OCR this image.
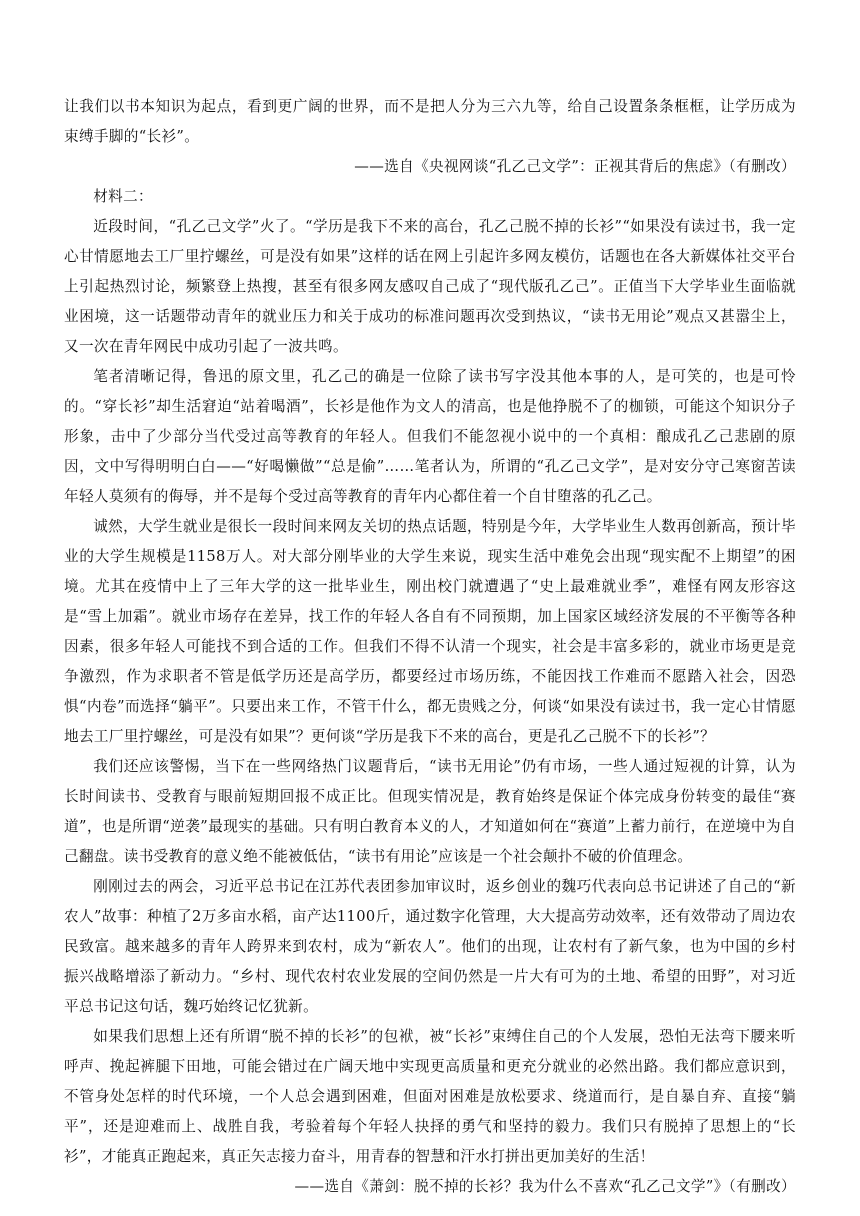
让我们以书本知识为起点，看到更广阔的世界，而不是把人分为三六九等，给自己设置条条框框，让学历成为束缚手脚的“长衫”。

——选自《央视网谈“孔乙己文学”：正视其背后的焦虑》（有删改）

材料二：

近段时间，“孔乙己文学”火了。“学历是我下不来的高台，孔乙己脱不掉的长衫”“如果没有读过书，我一定心甘情愿地去工厂里拧螺丝，可是没有如果”这样的话在网上引起许多网友模仿，话题也在各大新媒体社交平台上引起热烈讨论，频繁登上热搜，甚至有很多网友感叹自己成了“现代版孔乙己”。正值当下大学毕业生面临就业困境，这一话题带动青年的就业压力和关于成功的标准问题再次受到热议，“读书无用论”观点又甚嚣尘上，又一次在青年网民中成功引起了一波共鸣。

笔者清晰记得，鲁迅的原文里，孔乙己的确是一位除了读书写字没其他本事的人，是可笑的，也是可怜的。“穿长衫”却生活窘迫“站着喝酒”，长衫是他作为文人的清高，也是他挣脱不了的枷锁，可能这个知识分子形象，击中了少部分当代受过高等教育的年轻人。但我们不能忽视小说中的一个真相：酿成孔乙己悲剧的原因，文中写得明明白白——“好喝懒做”“总是偷”……笔者认为，所谓的“孔乙己文学”，是对安分守己寒窗苦读年轻人莫须有的侮辱，并不是每个受过高等教育的青年内心都住着一个自甘堕落的孔乙己。

诚然，大学生就业是很长一段时间来网友关切的热点话题，特别是今年，大学毕业生人数再创新高，预计毕业的大学生规模是1158万人。对大部分刚毕业的大学生来说，现实生活中难免会出现“现实配不上期望”的困境。尤其在疫情中上了三年大学的这一批毕业生，刚出校门就遭遇了“史上最难就业季”，难怪有网友形容这是“雪上加霜”。就业市场存在差异，找工作的年轻人各自有不同预期，加上国家区域经济发展的不平衡等各种因素，很多年轻人可能找不到合适的工作。但我们不得不认清一个现实，社会是丰富多彩的，就业市场更是竞争激烈，作为求职者不管是低学历还是高学历，都要经过市场历练，不能因找工作难而不愿踏入社会，因恐惧“内卷”而选择“躺平”。只要出来工作，不管干什么，都无贵贱之分，何谈“如果没有读过书，我一定心甘情愿地去工厂里拧螺丝，可是没有如果”？更何谈“学历是我下不来的高台，更是孔乙己脱不下的长衫”？

我们还应该警惕，当下在一些网络热门议题背后，“读书无用论”仍有市场，一些人通过短视的计算，认为长时间读书、受教育与眼前短期回报不成正比。但现实情况是，教育始终是保证个体完成身份转变的最佳“赛道”，也是所谓“逆袭”最现实的基础。只有明白教育本义的人，才知道如何在“赛道”上蓄力前行，在逆境中为自己翻盘。读书受教育的意义绝不能被低估，“读书有用论”应该是一个社会颠扑不破的价值理念。

刚刚过去的两会，习近平总书记在江苏代表团参加审议时，返乡创业的魏巧代表向总书记讲述了自己的“新农人”故事：种植了2万多亩水稻，亩产达1100斤，通过数字化管理，大大提高劳动效率，还有效带动了周边农民致富。越来越多的青年人跨界来到农村，成为“新农人”。他们的出现，让农村有了新气象，也为中国的乡村振兴战略增添了新动力。“乡村、现代农村农业发展的空间仍然是一片大有可为的土地、希望的田野”，对习近平总书记这句话，魏巧始终记忆犹新。

如果我们思想上还有所谓“脱不掉的长衫”的包袱，被“长衫”束缚住自己的个人发展，恐怕无法弯下腰来听呼声、挽起裤腿下田地，可能会错过在广阔天地中实现更高质量和更充分就业的必然出路。我们都应意识到，不管身处怎样的时代环境，一个人总会遇到困难，但面对困难是放松要求、绕道而行，是自暴自弃、直接“躺平”，还是迎难而上、战胜自我，考验着每个年轻人抉择的勇气和坚持的毅力。我们只有脱掉了思想上的“长衫”，才能真正跑起来，真正矢志接力奋斗，用青春的智慧和汗水打拼出更加美好的生活！

——选自《萧剑：脱不掉的长衫？我为什么不喜欢“孔乙己文学”》（有删改）
